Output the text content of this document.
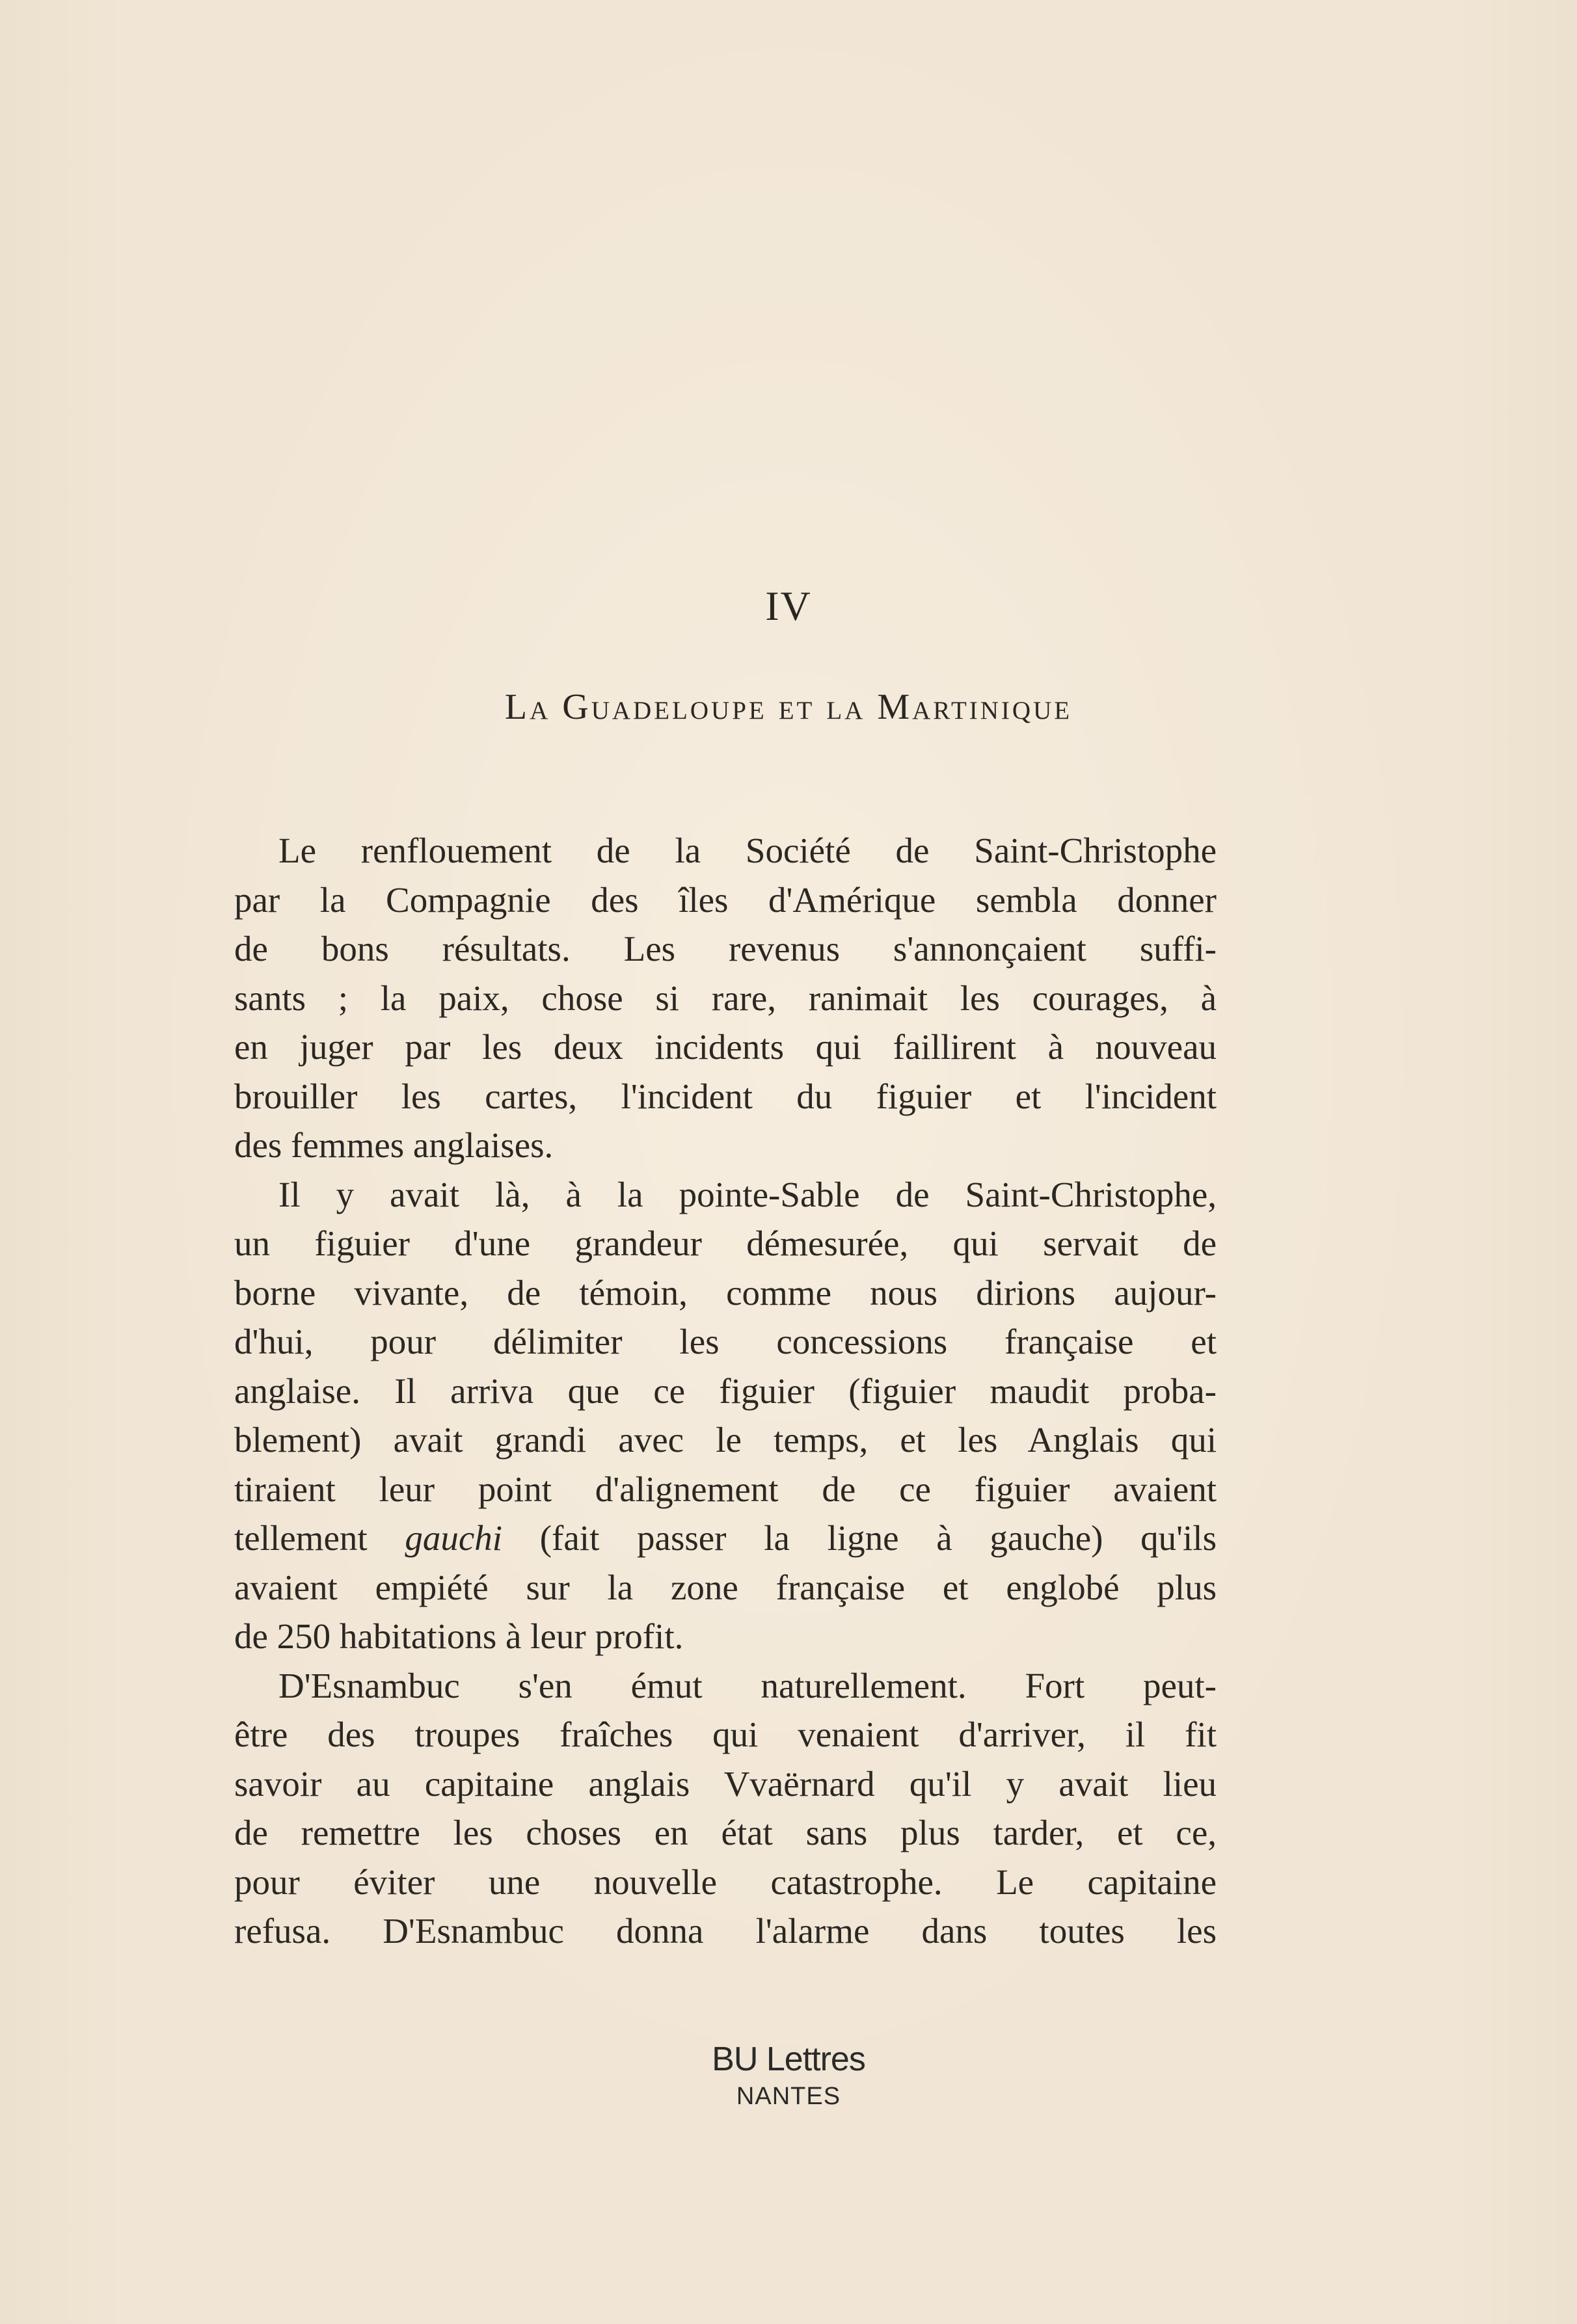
IV
La Guadeloupe et la Martinique

Le renflouement de la Société de Saint-Christophe
par la Compagnie des îles d'Amérique sembla donner
de bons résultats. Les revenus s'annonçaient suffi-
sants ; la paix, chose si rare, ranimait les courages, à
en juger par les deux incidents qui faillirent à nouveau
brouiller les cartes, l'incident du figuier et l'incident
des femmes anglaises.

Il y avait là, à la pointe-Sable de Saint-Christophe,
un figuier d'une grandeur démesurée, qui servait de
borne vivante, de témoin, comme nous dirions aujour-
d'hui, pour délimiter les concessions française et
anglaise. Il arriva que ce figuier (figuier maudit proba-
blement) avait grandi avec le temps, et les Anglais qui
tiraient leur point d'alignement de ce figuier avaient
tellement gauchi (fait passer la ligne à gauche) qu'ils
avaient empiété sur la zone française et englobé plus
de 250 habitations à leur profit.

D'Esnambuc s'en émut naturellement. Fort peut-
être des troupes fraîches qui venaient d'arriver, il fit
savoir au capitaine anglais Vvaërnard qu'il y avait lieu
de remettre les choses en état sans plus tarder, et ce,
pour éviter une nouvelle catastrophe. Le capitaine
refusa. D'Esnambuc donna l'alarme dans toutes les

BU Lettres
NANTES
